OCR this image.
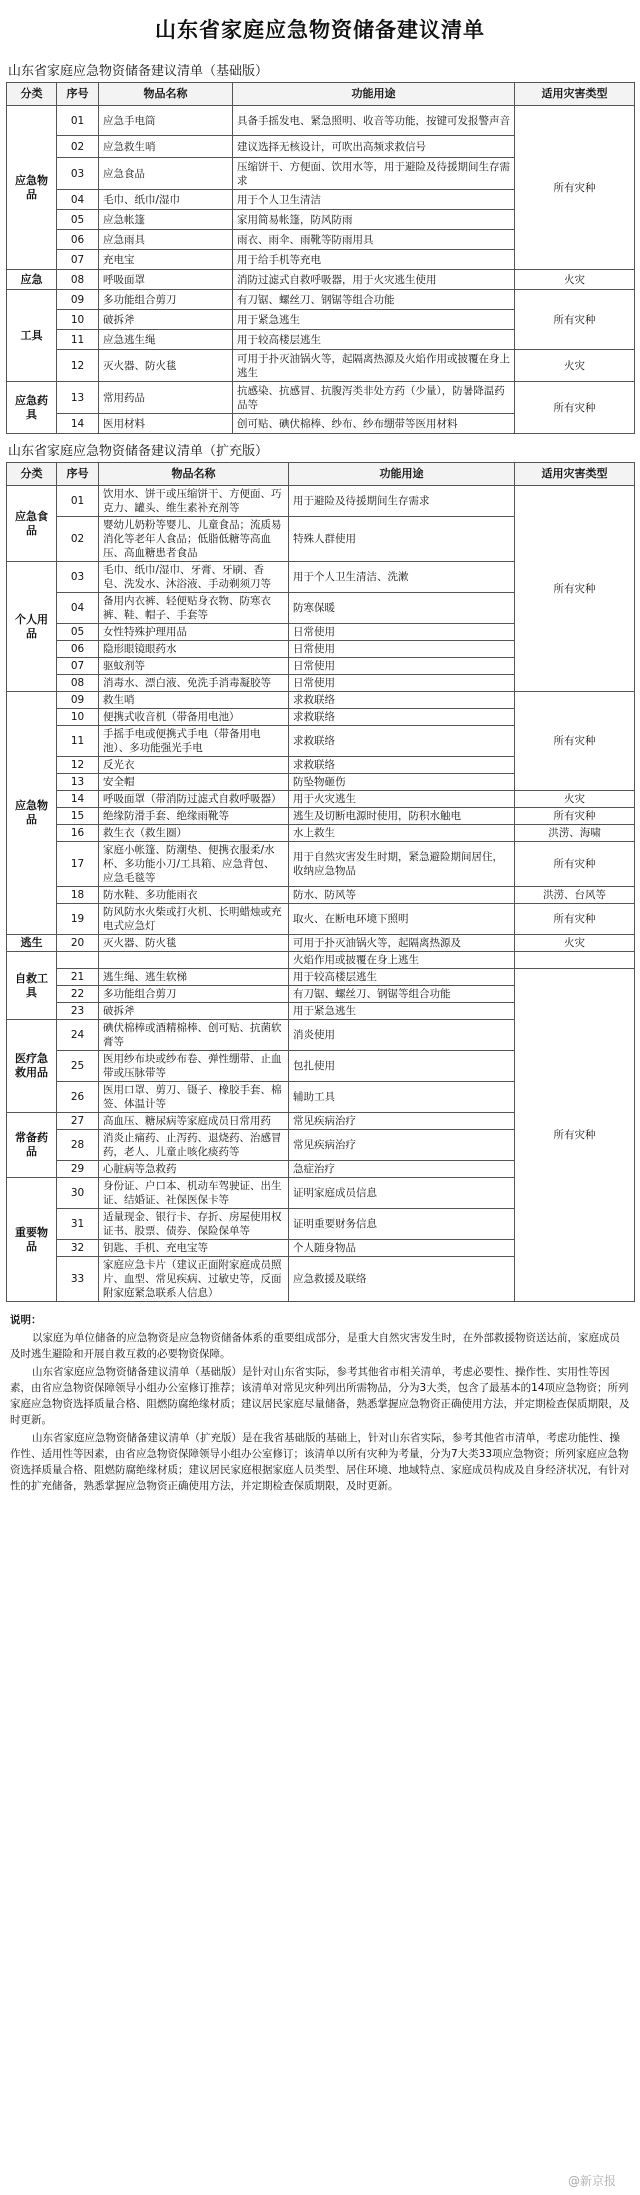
山东省家庭应急物资储备建议清单
山东省家庭应急物资储备建议清单（基础版）
分类	序号	物品名称	功能用途	适用灾害类型
应急物品	01	应急手电筒	具备手摇发电、紧急照明、收音等功能，按键可发报警声音	所有灾种
	02	应急救生哨	建议选择无核设计，可吹出高频求救信号	
	03	应急食品	压缩饼干、方便面、饮用水等，用于避险及待援期间生存需求	
	04	毛巾、纸巾/湿巾	用于个人卫生清洁	
	05	应急帐篷	家用简易帐篷，防风防雨	
	06	应急雨具	雨衣、雨伞、雨靴等防雨用具	
	07	充电宝	用于给手机等充电	
应急	08	呼吸面罩	消防过滤式自救呼吸器，用于火灾逃生使用	火灾
工具	09	多功能组合剪刀	有刀锯、螺丝刀、钢锯等组合功能	所有灾种
	10	破拆斧	用于紧急逃生	
	11	应急逃生绳	用于较高楼层逃生	
	12	灭火器、防火毯	可用于扑灭油锅火等，起隔离热源及火焰作用或披覆在身上逃生	火灾
应急药具	13	常用药品	抗感染、抗感冒、抗腹泻类非处方药（少量），防暑降温药品等	所有灾种
	14	医用材料	创可贴、碘伏棉棒、纱布、纱布绷带等医用材料	
山东省家庭应急物资储备建议清单（扩充版）
分类	序号	物品名称	功能用途	适用灾害类型
应急食品	01	饮用水、饼干或压缩饼干、方便面、巧克力、罐头、维生素补充剂等	用于避险及待援期间生存需求	所有灾种
	02	婴幼儿奶粉等婴儿、儿童食品；流质易消化等老年人食品；低脂低糖等高血压、高血糖患者食品	特殊人群使用	
个人用品	03	毛巾、纸巾/湿巾、牙膏、牙刷、香皂、洗发水、沐浴液、手动剃须刀等	用于个人卫生清洁、洗漱	
	04	备用内衣裤、轻便贴身衣物、防寒衣裤、鞋、帽子、手套等	防寒保暖	
	05	女性特殊护理用品	日常使用	
	06	隐形眼镜眼药水	日常使用	
	07	驱蚊剂等	日常使用	
	08	消毒水、漂白液、免洗手消毒凝胶等	日常使用	
应急物品	09	救生哨	求救联络	所有灾种
	10	便携式收音机（带备用电池）	求救联络	
	11	手摇手电或便携式手电（带备用电池）、多功能强光手电	求救联络	
	12	反光衣	求救联络	
	13	安全帽	防坠物砸伤	
	14	呼吸面罩（带消防过滤式自救呼吸器）	用于火灾逃生	火灾
	15	绝缘防滑手套、绝缘雨靴等	逃生及切断电源时使用，防积水触电	所有灾种
	16	救生衣（救生圈）	水上救生	洪涝、海啸
	17	家庭小帐篷、防潮垫、便携衣服柔/水杯、多功能小刀/工具箱、应急背包、应急毛毯等	用于自然灾害发生时期，紧急避险期间居住，收纳应急物品	所有灾种
	18	防水鞋、多功能雨衣	防水、防风等	洪涝、台风等
	19	防风防水火柴或打火机、长明蜡烛或充电式应急灯	取火、在断电环境下照明	所有灾种
逃生	20	灭火器、防火毯	可用于扑灭油锅火等，起隔离热源及	火灾
自救工具			火焰作用或披覆在身上逃生	
	21	逃生绳、逃生软梯	用于较高楼层逃生	所有灾种
	22	多功能组合剪刀	有刀锯、螺丝刀、钢锯等组合功能	
	23	破拆斧	用于紧急逃生	
医疗急救用品	24	碘伏棉棒或酒精棉棒、创可贴、抗菌软膏等	消炎使用	
	25	医用纱布块或纱布卷、弹性绷带、止血带或压脉带等	包扎使用	
	26	医用口罩、剪刀、镊子、橡胶手套、棉签、体温计等	辅助工具	
常备药品	27	高血压、糖尿病等家庭成员日常用药	常见疾病治疗	
	28	消炎止痛药、止泻药、退烧药、治感冒药，老人、儿童止咳化痰药等	常见疾病治疗	
	29	心脏病等急救药	急症治疗	
重要物品	30	身份证、户口本、机动车驾驶证、出生证、结婚证、社保医保卡等	证明家庭成员信息	
	31	适量现金、银行卡、存折、房屋使用权证书、股票、债券、保险保单等	证明重要财务信息	
	32	钥匙、手机、充电宝等	个人随身物品	
	33	家庭应急卡片（建议正面附家庭成员照片、血型、常见疾病、过敏史等，反面附家庭紧急联系人信息）	应急救援及联络	
说明：

以家庭为单位储备的应急物资是应急物资储备体系的重要组成部分，是重大自然灾害发生时，在外部救援物资送达前，家庭成员及时逃生避险和开展自救互救的必要物资保障。

山东省家庭应急物资储备建议清单（基础版）是针对山东省实际，参考其他省市相关清单，考虑必要性、操作性、实用性等因素，由省应急物资保障领导小组办公室修订推荐；该清单对常见灾种列出所需物品，分为3大类，包含了最基本的14项应急物资；所列家庭应急物资选择质量合格、阻燃防腐绝缘材质；建议居民家庭尽量储备，熟悉掌握应急物资正确使用方法，并定期检查保质期限，及时更新。

山东省家庭应急物资储备建议清单（扩充版）是在我省基础版的基础上，针对山东省实际，参考其他省市清单，考虑功能性、操作性、适用性等因素，由省应急物资保障领导小组办公室修订；该清单以所有灾种为考量，分为7大类33项应急物资；所列家庭应急物资选择质量合格、阻燃防腐绝缘材质；建议居民家庭根据家庭人员类型、居住环境、地域特点、家庭成员构成及自身经济状况，有针对性的扩充储备，熟悉掌握应急物资正确使用方法，并定期检查保质期限，及时更新。

@新京报
